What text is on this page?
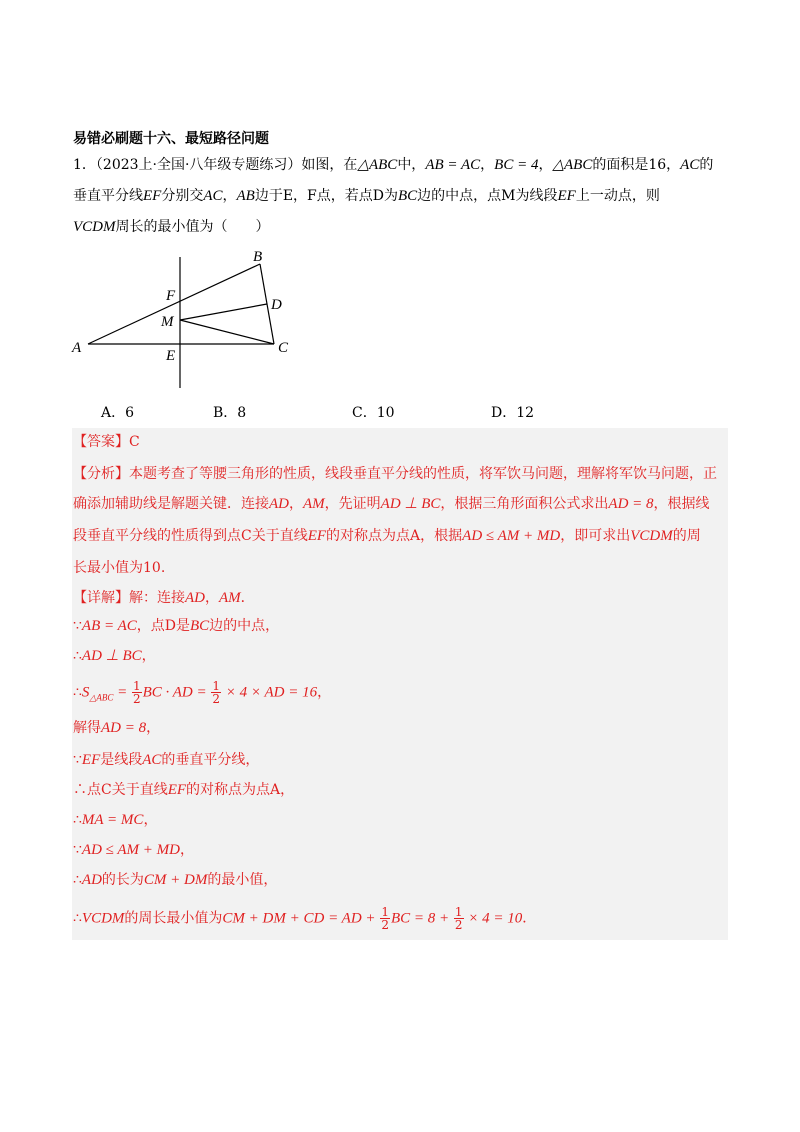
易错必刷题十六、最短路径问题
1．（2023上·全国·八年级专题练习）如图，在△ABC中，AB = AC，BC = 4，△ABC的面积是16，AC的
垂直平分线EF分别交AC，AB边于E，F点，若点D为BC边的中点，点M为线段EF上一动点，则
VCDM周长的最小值为（　　）
B
F
D
M
A	E	C
A．6	B．8	C．10	D．12
【答案】C
【分析】本题考查了等腰三角形的性质，线段垂直平分线的性质，将军饮马问题，理解将军饮马问题，正
确添加辅助线是解题关键．连接AD，AM，先证明AD ⊥ BC，根据三角形面积公式求出AD = 8，根据线
段垂直平分线的性质得到点C关于直线EF的对称点为点A，根据AD ≤ AM + MD，即可求出VCDM的周
长最小值为10.
【详解】解：连接AD，AM．
∵AB = AC，点D是BC边的中点，
∴AD ⊥ BC，
$\therefore S_{\triangle ABC} = \frac{1}{2}$ BC · AD = $\frac{1}{2} \times 4$ × AD = 16，
解得AD = 8，
∵EF是线段AC的垂直平分线，
∴点C关于直线EF的对称点为点A，
∴MA = MC，
∵AD ≤ AM + MD，
∴AD的长为CM + DM的最小值，
∴VCDM的周长最小值为CM + DM + CD = AD + $\frac{1}{2}$ BC = $8 + \frac{1}{2} \times 4 = 10$．
